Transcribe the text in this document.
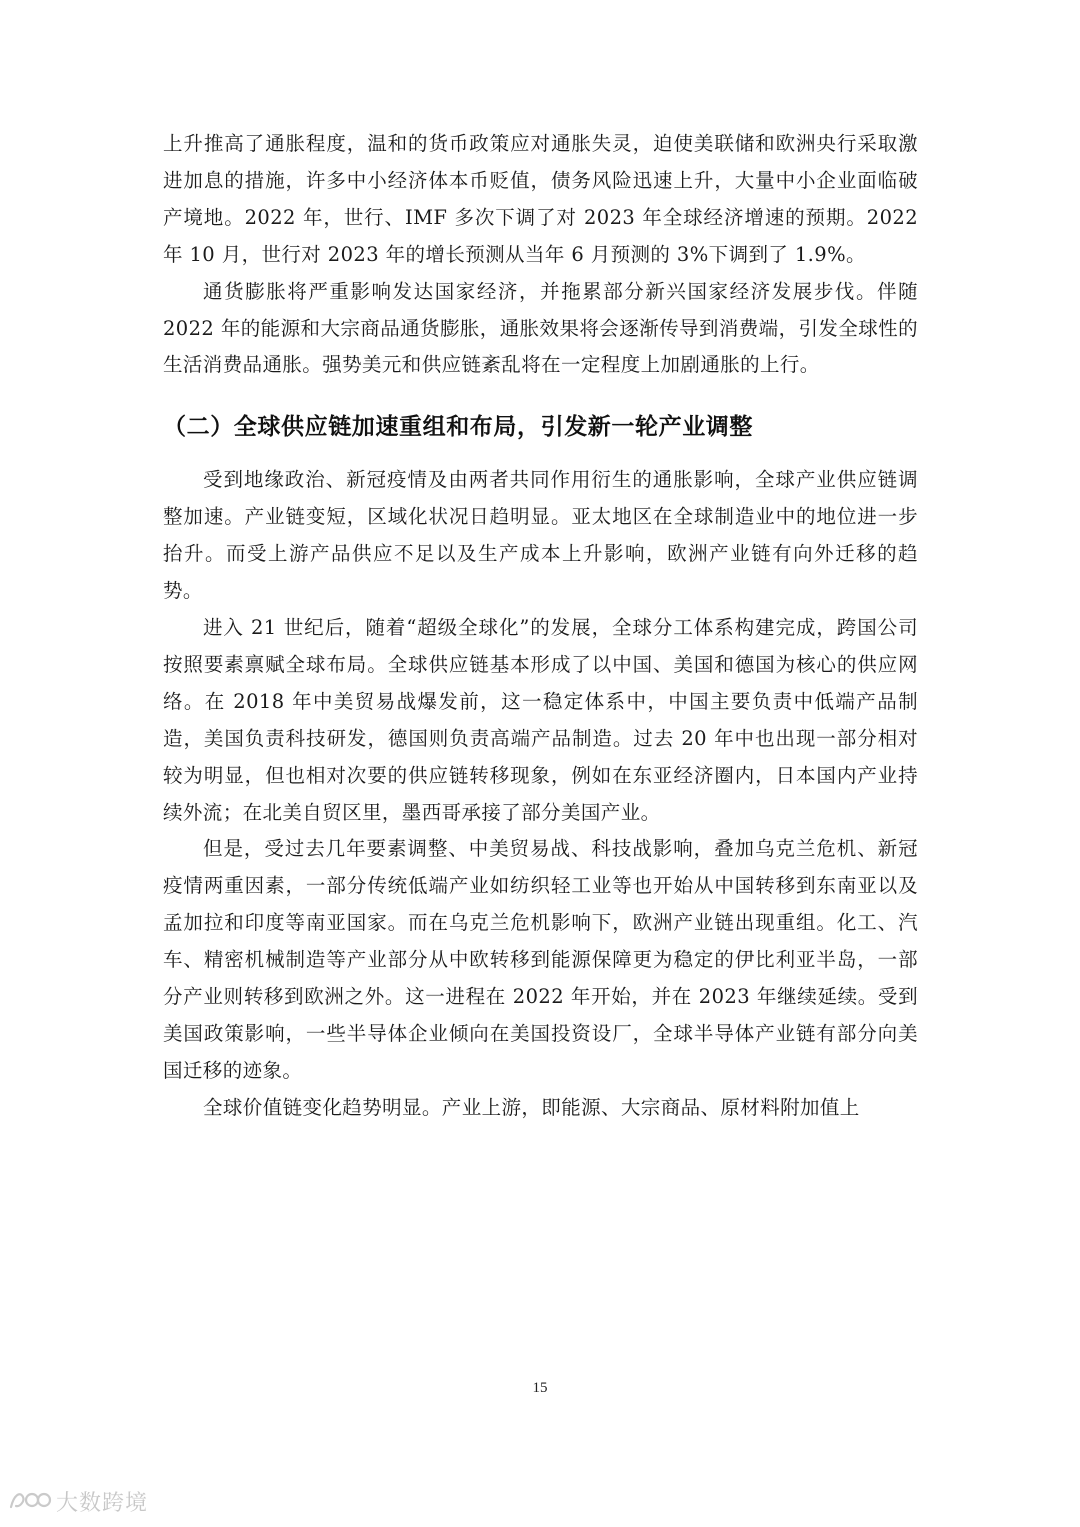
上升推高了通胀程度，温和的货币政策应对通胀失灵，迫使美联储和欧洲央行采取激进加息的措施，许多中小经济体本币贬值，债务风险迅速上升，大量中小企业面临破产境地。2022 年，世行、IMF 多次下调了对 2023 年全球经济增速的预期。2022 年 10 月，世行对 2023 年的增长预测从当年 6 月预测的 3%下调到了 1.9%。

通货膨胀将严重影响发达国家经济，并拖累部分新兴国家经济发展步伐。伴随 2022 年的能源和大宗商品通货膨胀，通胀效果将会逐渐传导到消费端，引发全球性的生活消费品通胀。强势美元和供应链紊乱将在一定程度上加剧通胀的上行。

（二）全球供应链加速重组和布局，引发新一轮产业调整

受到地缘政治、新冠疫情及由两者共同作用衍生的通胀影响，全球产业供应链调整加速。产业链变短，区域化状况日趋明显。亚太地区在全球制造业中的地位进一步抬升。而受上游产品供应不足以及生产成本上升影响，欧洲产业链有向外迁移的趋势。

进入 21 世纪后，随着“超级全球化”的发展，全球分工体系构建完成，跨国公司按照要素禀赋全球布局。全球供应链基本形成了以中国、美国和德国为核心的供应网络。在 2018 年中美贸易战爆发前，这一稳定体系中，中国主要负责中低端产品制造，美国负责科技研发，德国则负责高端产品制造。过去 20 年中也出现一部分相对较为明显，但也相对次要的供应链转移现象，例如在东亚经济圈内，日本国内产业持续外流；在北美自贸区里，墨西哥承接了部分美国产业。

但是，受过去几年要素调整、中美贸易战、科技战影响，叠加乌克兰危机、新冠疫情两重因素，一部分传统低端产业如纺织轻工业等也开始从中国转移到东南亚以及孟加拉和印度等南亚国家。而在乌克兰危机影响下，欧洲产业链出现重组。化工、汽车、精密机械制造等产业部分从中欧转移到能源保障更为稳定的伊比利亚半岛，一部分产业则转移到欧洲之外。这一进程在 2022 年开始，并在 2023 年继续延续。受到美国政策影响，一些半导体企业倾向在美国投资设厂，全球半导体产业链有部分向美国迁移的迹象。

全球价值链变化趋势明显。产业上游，即能源、大宗商品、原材料附加值上

15
大数跨境
